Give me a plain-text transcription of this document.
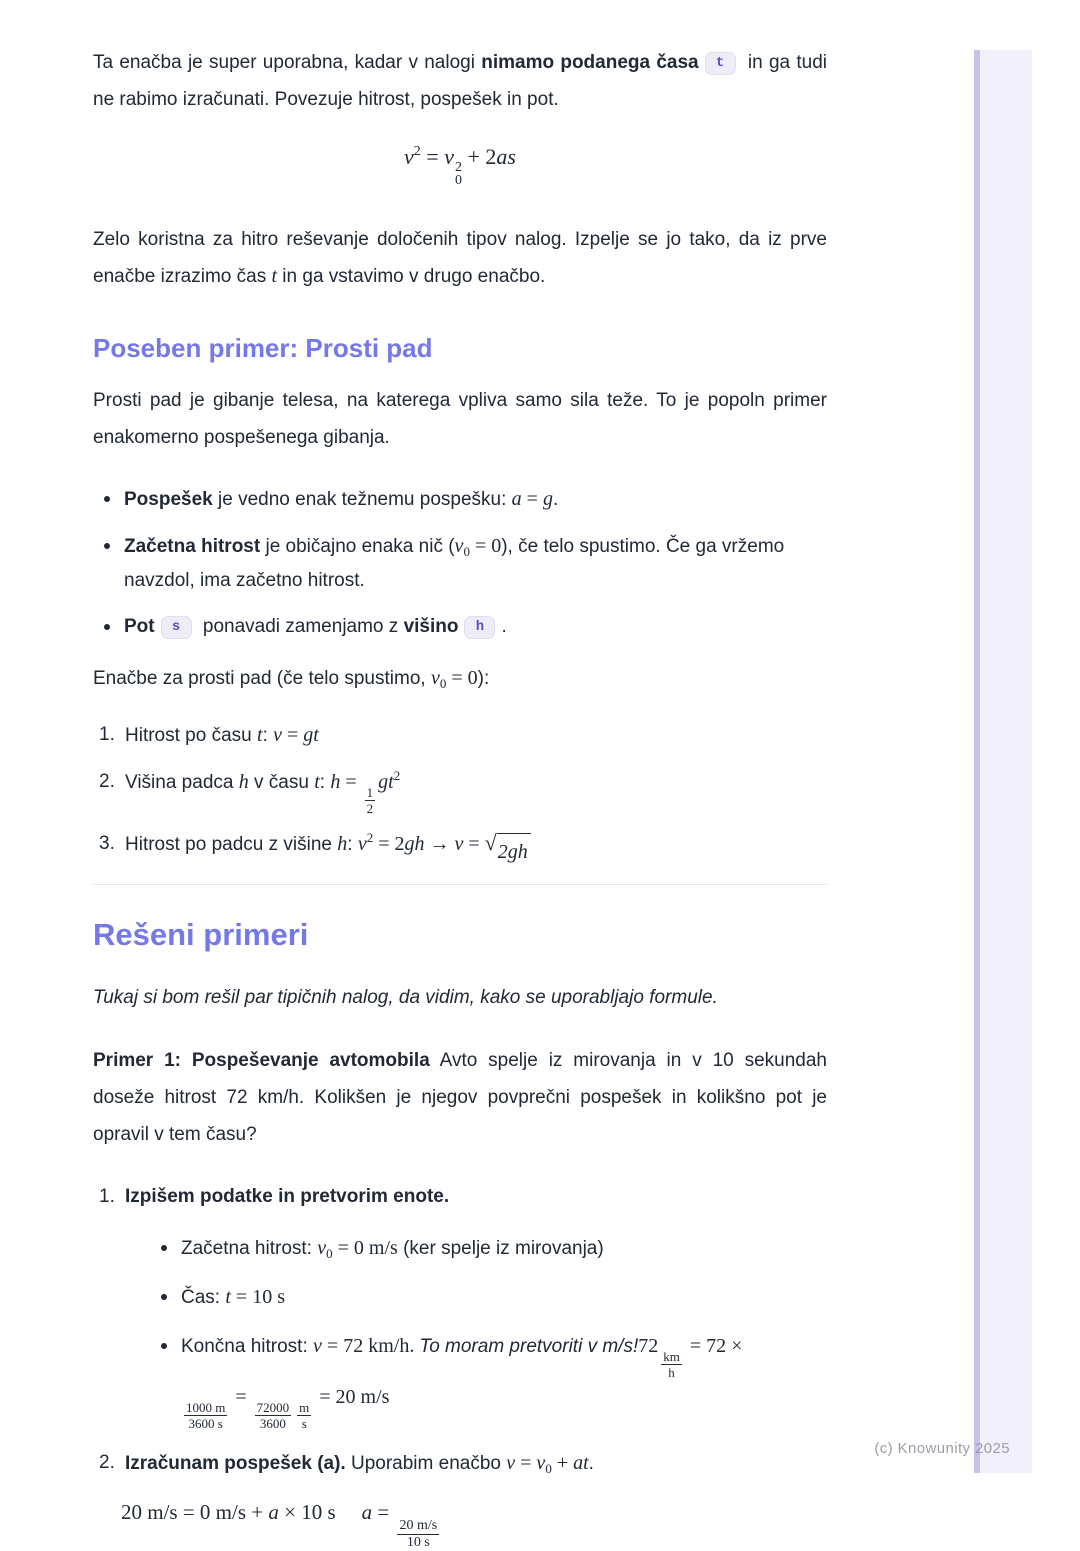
Ta enačba je super uporabna, kadar v nalogi nimamo podanega časa t in ga tudi ne rabimo izračunati. Povezuje hitrost, pospešek in pot.

$v^2 = v$ 2
0
+ 2as

Zelo koristna za hitro reševanje določenih tipov nalog. Izpelje se jo tako, da iz prve enačbe izrazimo čas t in ga vstavimo v drugo enačbo.

Poseben primer: Prosti pad

Prosti pad je gibanje telesa, na katerega vpliva samo sila teže. To je popoln primer enakomerno pospešenega gibanja.

Pospešek je vedno enak težnemu pospešku: a = g.
Začetna hitrost je običajno enaka nič $(v_0 = 0)$, če telo spustimo. Če ga vržemo navzdol, ima začetno hitrost.
Pot s ponavadi zamenjamo z višino h .

Enačbe za prosti pad (če telo spustimo, $v_0 = 0$):

1. Hitrost po času t: v = gt
2. Višina padca h v času t: h =
$\frac{1}{2}$
$gt^2$
3. Hitrost po padcu z višine h: $v^2 = 2gh \to v$ = √ 2gh
Rešeni primeri

Tukaj si bom rešil par tipičnih nalog, da vidim, kako se uporabljajo formule.

Primer 1: Pospeševanje avtomobila Avto spelje iz mirovanja in v 10 sekundah doseže hitrost 72 km/h. Kolikšen je njegov povprečni pospešek in kolikšno pot je opravil v tem času?

1. Izpišem podatke in pretvorim enote.
Začetna hitrost: $v_0 = 0$ m/s (ker spelje iz mirovanja)
Čas: t = 10 s
Končna hitrost: v = 72 km/h. To moram pretvoriti v m/s!72
$\frac{km}{h}$
= 72 ×

$\frac{1000 m}{3600 s}$
=
$\frac{72000}{3600} \frac{m}{s}$
= 20 m/s
2. Izračunam pospešek (a). Uporabim enačbo $v = v_0$ + at.
20 m/s = 0 m/s + a × 10 s a =
$\frac{20 m/s}{10 s}$
(c) Knowunity 2025
